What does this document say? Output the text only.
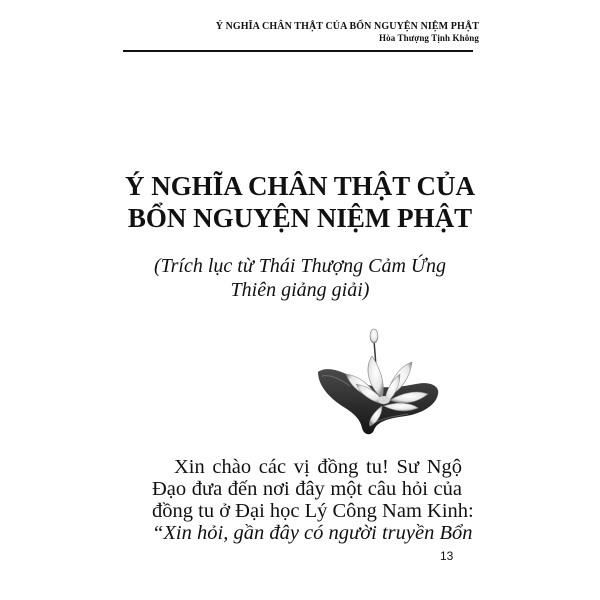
Ý NGHĨA CHÂN THẬT CỦA BỔN NGUYỆN NIỆM PHẬT
Hòa Thượng Tịnh Không
Ý NGHĨA CHÂN THẬT CỦA
BỔN NGUYỆN NIỆM PHẬT
(Trích lục từ Thái Thượng Cảm Ứng
Thiên giảng giải)
Xin chào các vị đồng tu! Sư Ngộ
Đạo đưa đến nơi đây một câu hỏi của
đồng tu ở Đại học Lý Công Nam Kinh:
“Xin hỏi, gần đây có người truyền Bổn
13
